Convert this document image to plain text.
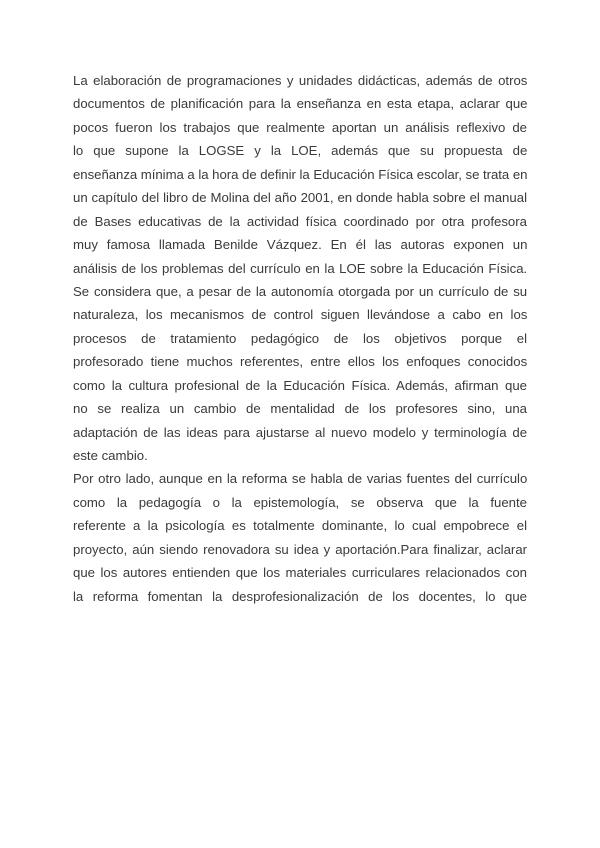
La elaboración de programaciones y unidades didácticas, además de otros
documentos de planificación para la enseñanza en esta etapa, aclarar que
pocos fueron los trabajos que realmente aportan un análisis reflexivo de
lo que supone la LOGSE y la LOE, además que su propuesta de
enseñanza mínima a la hora de definir la Educación Física escolar, se trata en
un capítulo del libro de Molina del año 2001, en donde habla sobre el manual
de Bases educativas de la actividad física coordinado por otra profesora
muy famosa llamada Benilde Vázquez. En él las autoras exponen un
análisis de los problemas del currículo en la LOE sobre la Educación Física.
Se considera que, a pesar de la autonomía otorgada por un currículo de su
naturaleza, los mecanismos de control siguen llevándose a cabo en los
procesos de tratamiento pedagógico de los objetivos porque el
profesorado tiene muchos referentes, entre ellos los enfoques conocidos
como la cultura profesional de la Educación Física. Además, afirman que
no se realiza un cambio de mentalidad de los profesores sino, una
adaptación de las ideas para ajustarse al nuevo modelo y terminología de
este cambio.
Por otro lado, aunque en la reforma se habla de varias fuentes del currículo
como la pedagogía o la epistemología, se observa que la fuente
referente a la psicología es totalmente dominante, lo cual empobrece el
proyecto, aún siendo renovadora su idea y aportación.Para finalizar, aclarar
que los autores entienden que los materiales curriculares relacionados con
la reforma fomentan la desprofesionalización de los docentes, lo que
